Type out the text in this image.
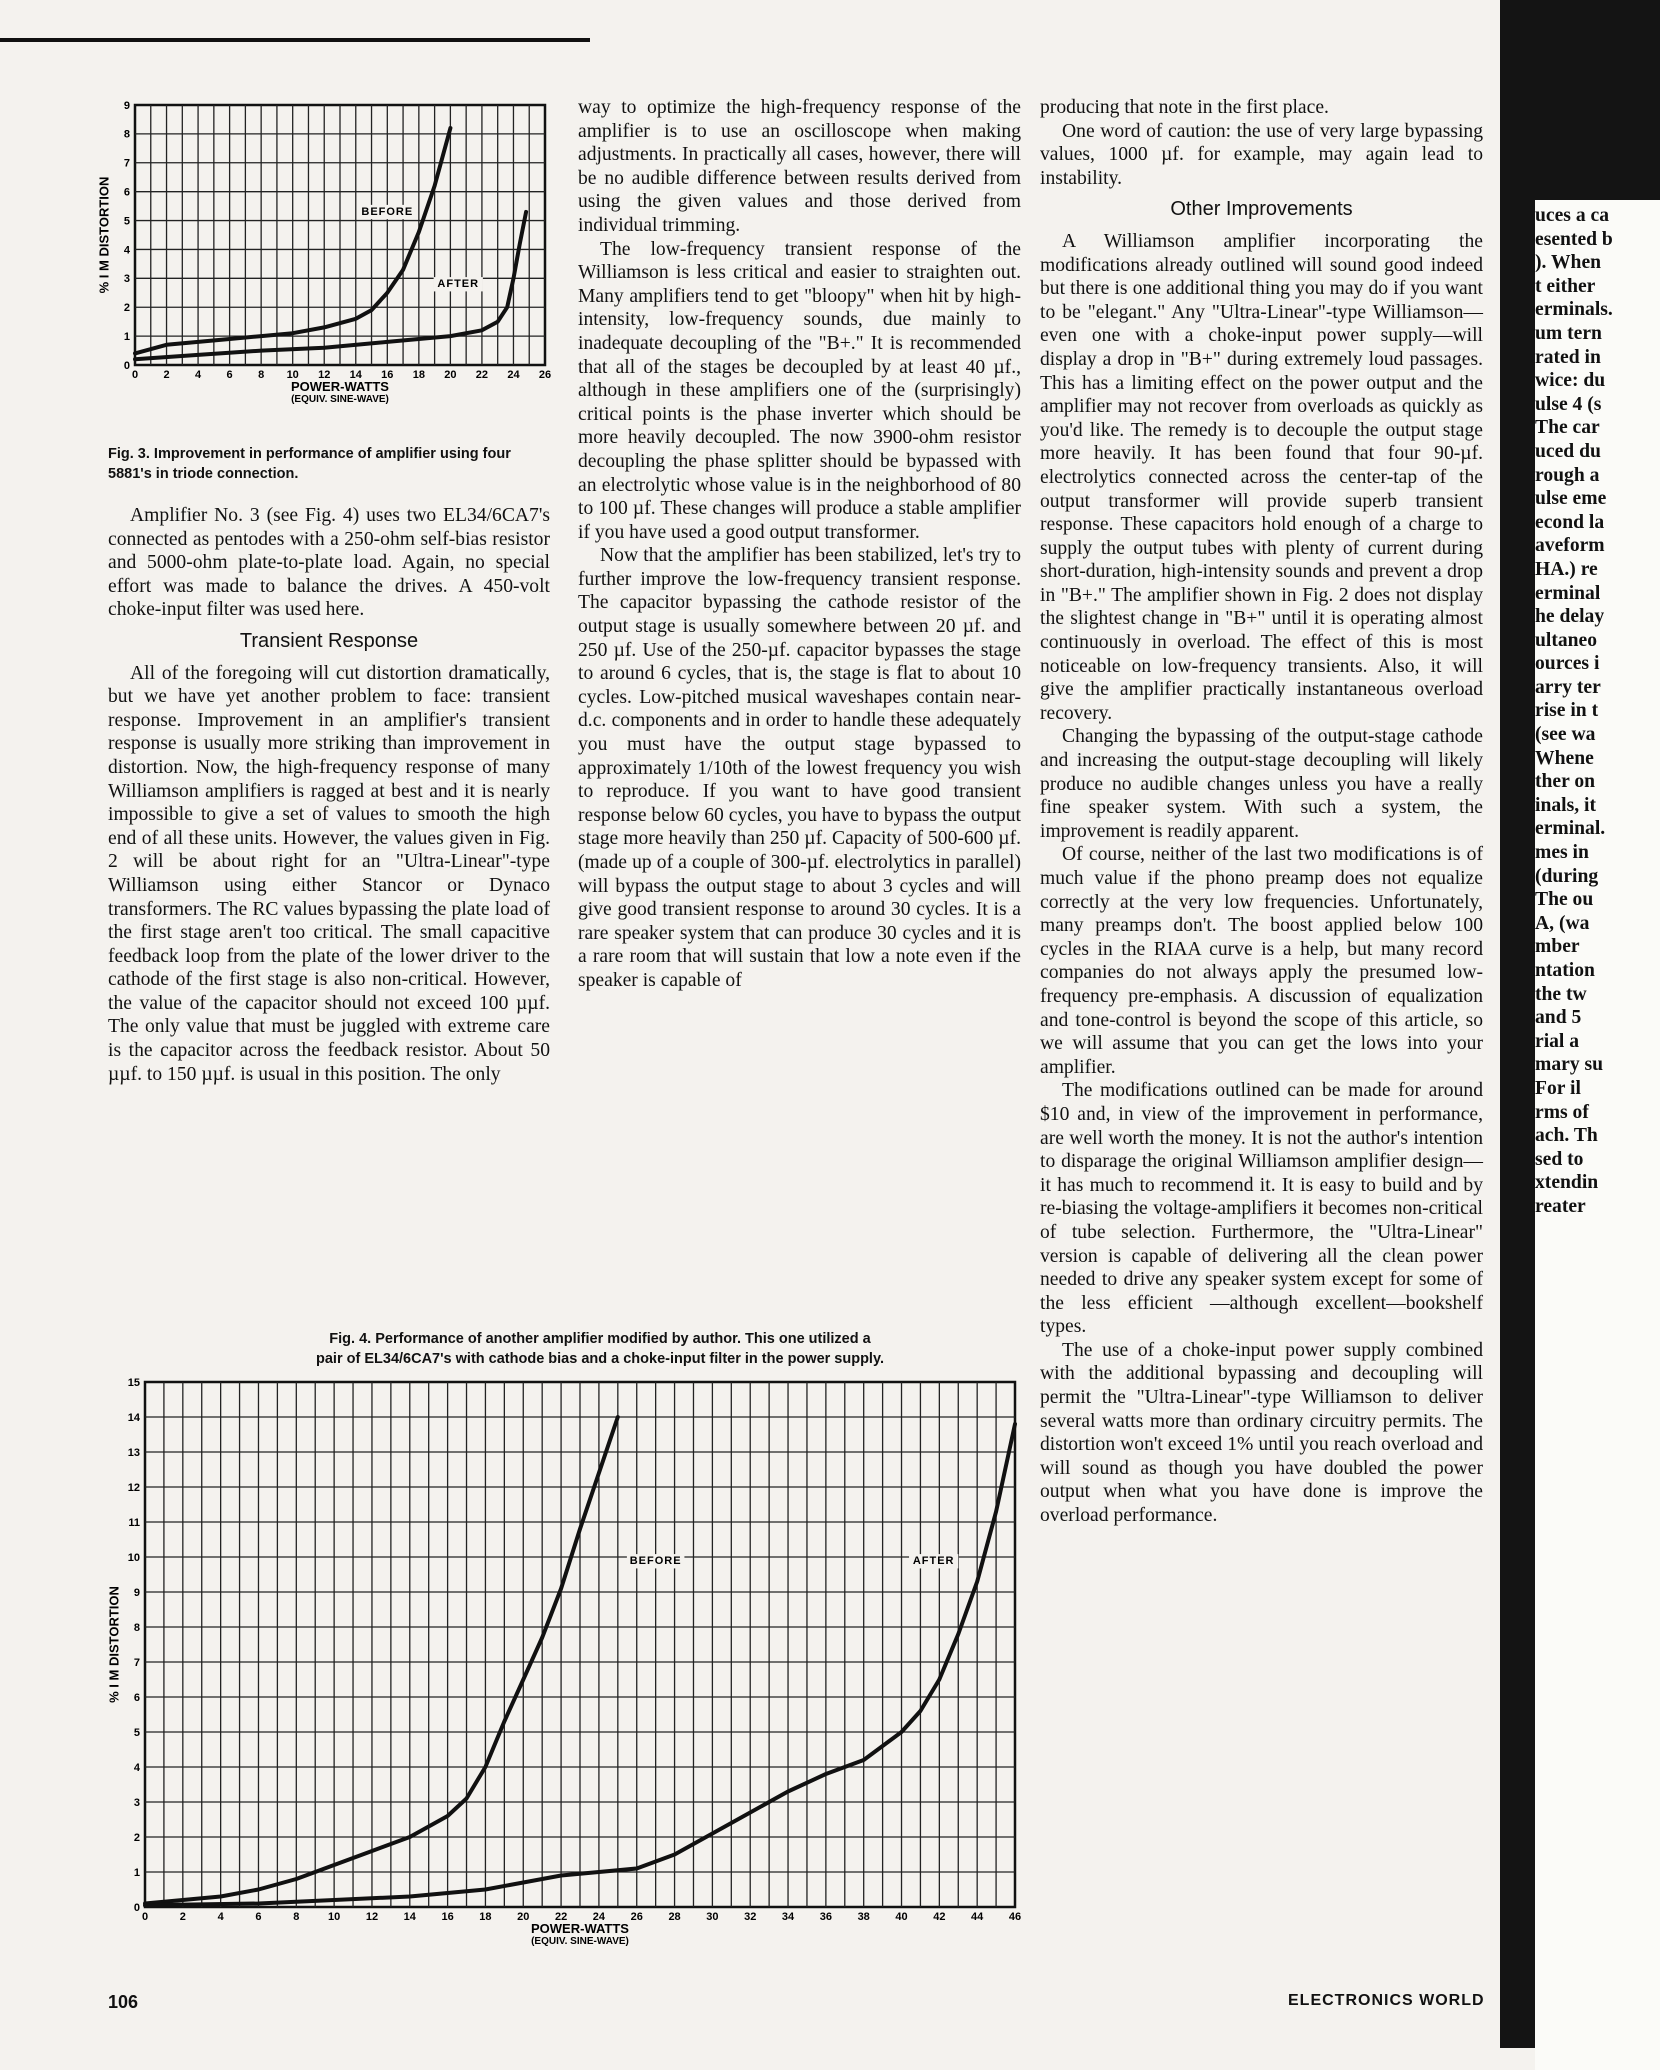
0 2 4 6 8 10 12 14 16 18 20 22 24 26
0
1
2
3
4
5
6
7
8
9
POWER-WATTS
(EQUIV. SINE-WAVE)
% I M DISTORTION	BEFORE
AFTER
Fig. 3. Improvement in performance of amplifier using four 5881's in triode connection.

Amplifier No. 3 (see Fig. 4) uses two EL34/6CA7's connected as pentodes with a 250-ohm self-bias resistor and 5000-ohm plate-to-plate load. Again, no special effort was made to balance the drives. A 450-volt choke-input filter was used here.

Transient Response

All of the foregoing will cut distortion dramatically, but we have yet another problem to face: transient response. Improvement in an amplifier's transient response is usually more striking than improvement in distortion. Now, the high-frequency response of many Williamson amplifiers is ragged at best and it is nearly impossible to give a set of values to smooth the high end of all these units. However, the values given in Fig. 2 will be about right for an "Ultra-Linear"-type Williamson using either Stancor or Dynaco transformers. The RC values bypassing the plate load of the first stage aren't too critical. The small capacitive feedback loop from the plate of the lower driver to the cathode of the first stage is also non-critical. However, the value of the capacitor should not exceed 100 µµf. The only value that must be juggled with extreme care is the capacitor across the feedback resistor. About 50 µµf. to 150 µµf. is usual in this position. The only

way to optimize the high-frequency response of the amplifier is to use an oscilloscope when making adjustments. In practically all cases, however, there will be no audible difference between results derived from using the given values and those derived from individual trimming.

The low-frequency transient response of the Williamson is less critical and easier to straighten out. Many amplifiers tend to get "bloopy" when hit by high-intensity, low-frequency sounds, due mainly to inadequate decoupling of the "B+." It is recommended that all of the stages be decoupled by at least 40 µf., although in these amplifiers one of the (surprisingly) critical points is the phase inverter which should be more heavily decoupled. The now 3900-ohm resistor decoupling the phase splitter should be bypassed with an electrolytic whose value is in the neighborhood of 80 to 100 µf. These changes will produce a stable amplifier if you have used a good output transformer.

Now that the amplifier has been stabilized, let's try to further improve the low-frequency transient response. The capacitor bypassing the cathode resistor of the output stage is usually somewhere between 20 µf. and 250 µf. Use of the 250-µf. capacitor bypasses the stage to around 6 cycles, that is, the stage is flat to about 10 cycles. Low-pitched musical waveshapes contain near-d.c. components and in order to handle these adequately you must have the output stage bypassed to approximately 1/10th of the lowest frequency you wish to reproduce. If you want to have good transient response below 60 cycles, you have to bypass the output stage more heavily than 250 µf. Capacity of 500-600 µf. (made up of a couple of 300-µf. electrolytics in parallel) will bypass the output stage to about 3 cycles and will give good transient response to around 30 cycles. It is a rare speaker system that can produce 30 cycles and it is a rare room that will sustain that low a note even if the speaker is capable of

Fig. 4. Performance of another amplifier modified by author. This one utilized a
pair of EL34/6CA7's with cathode bias and a choke-input filter in the power supply.
0	2	4	6	8	10 12 14 16 18 20 22 24 26 28 30 32 34 36 38 40 42 44 46
0
1
2
3
4
5
6
7
8
9
10
11
12
13
14
15
POWER-WATTS
(EQUIV. SINE-WAVE)
% I M DISTORTION
BEFORE	AFTER

producing that note in the first place.

One word of caution: the use of very large bypassing values, 1000 µf. for example, may again lead to instability.

Other Improvements

A Williamson amplifier incorporating the modifications already outlined will sound good indeed but there is one additional thing you may do if you want to be "elegant." Any "Ultra-Linear"-type Williamson—even one with a choke-input power supply—will display a drop in "B+" during extremely loud passages. This has a limiting effect on the power output and the amplifier may not recover from overloads as quickly as you'd like. The remedy is to decouple the output stage more heavily. It has been found that four 90-µf. electrolytics connected across the center-tap of the output transformer will provide superb transient response. These capacitors hold enough of a charge to supply the output tubes with plenty of current during short-duration, high-intensity sounds and prevent a drop in "B+." The amplifier shown in Fig. 2 does not display the slightest change in "B+" until it is operating almost continuously in overload. The effect of this is most noticeable on low-frequency transients. Also, it will give the amplifier practically instantaneous overload recovery.

Changing the bypassing of the output-stage cathode and increasing the output-stage decoupling will likely produce no audible changes unless you have a really fine speaker system. With such a system, the improvement is readily apparent.

Of course, neither of the last two modifications is of much value if the phono preamp does not equalize correctly at the very low frequencies. Unfortunately, many preamps don't. The boost applied below 100 cycles in the RIAA curve is a help, but many record companies do not always apply the presumed low-frequency pre-emphasis. A discussion of equalization and tone-control is beyond the scope of this article, so we will assume that you can get the lows into your amplifier.

The modifications outlined can be made for around $10 and, in view of the improvement in performance, are well worth the money. It is not the author's intention to disparage the original Williamson amplifier design—it has much to recommend it. It is easy to build and by re-biasing the voltage-amplifiers it becomes non-critical of tube selection. Furthermore, the "Ultra-Linear" version is capable of delivering all the clean power needed to drive any speaker system except for some of the less efficient —although excellent—bookshelf types.

The use of a choke-input power supply combined with the additional bypassing and decoupling will permit the "Ultra-Linear"-type Williamson to deliver several watts more than ordinary circuitry permits. The distortion won't exceed 1% until you reach overload and will sound as though you have doubled the power output when what you have done is improve the overload performance.

106	ELECTRONICS WORLD
uces a ca
esented b
). When
t either
erminals.
um tern
rated in
wice: du
ulse 4 (s
The car
uced du
rough a
ulse eme
econd la
aveform
HA.) re
erminal
he delay
ultaneo
ources i
arry ter
rise in t
(see wa
Whene
ther on
inals, it
erminal.
mes in
(during
The ou
A, (wa
mber
ntation
the tw
and 5
rial a
mary su
For il
rms of
ach. Th
sed to
xtendin
reater
